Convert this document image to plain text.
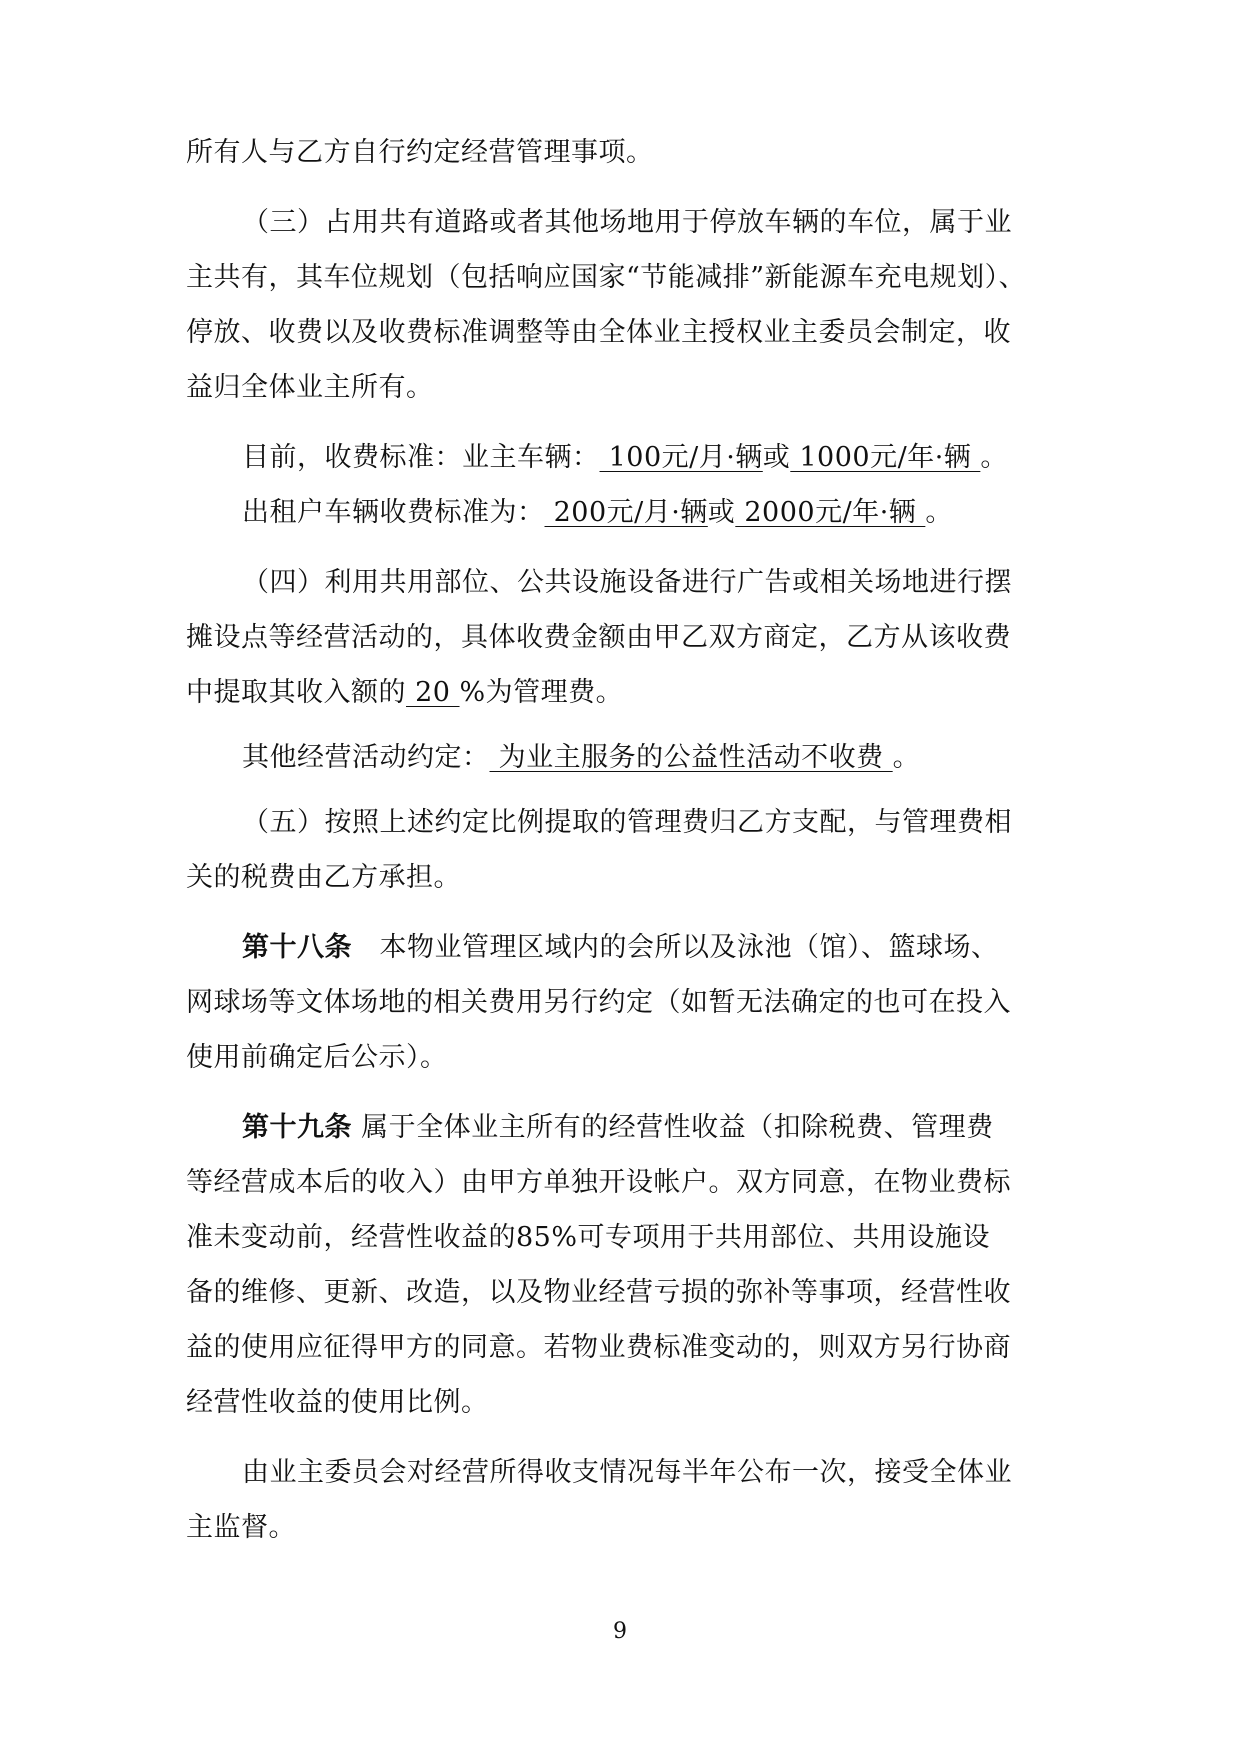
所有人与乙方自行约定经营管理事项。
（三）占用共有道路或者其他场地用于停放车辆的车位，属于业
主共有，其车位规划（包括响应国家“节能减排”新能源车充电规划）、
停放、收费以及收费标准调整等由全体业主授权业主委员会制定，收
益归全体业主所有。
目前，收费标准：业主车辆： 100元/月·辆或 1000元/年·辆 。
出租户车辆收费标准为： 200元/月·辆或 2000元/年·辆 。
（四）利用共用部位、公共设施设备进行广告或相关场地进行摆
摊设点等经营活动的，具体收费金额由甲乙双方商定，乙方从该收费
中提取其收入额的 20 %为管理费。
其他经营活动约定： 为业主服务的公益性活动不收费 。
（五）按照上述约定比例提取的管理费归乙方支配，与管理费相
关的税费由乙方承担。
第十八条　本物业管理区域内的会所以及泳池（馆）、篮球场、
网球场等文体场地的相关费用另行约定（如暂无法确定的也可在投入
使用前确定后公示）。
第十九条 属于全体业主所有的经营性收益（扣除税费、管理费
等经营成本后的收入）由甲方单独开设帐户。双方同意，在物业费标
准未变动前，经营性收益的85%可专项用于共用部位、共用设施设
备的维修、更新、改造，以及物业经营亏损的弥补等事项，经营性收
益的使用应征得甲方的同意。若物业费标准变动的，则双方另行协商
经营性收益的使用比例。
由业主委员会对经营所得收支情况每半年公布一次，接受全体业
主监督。
9
